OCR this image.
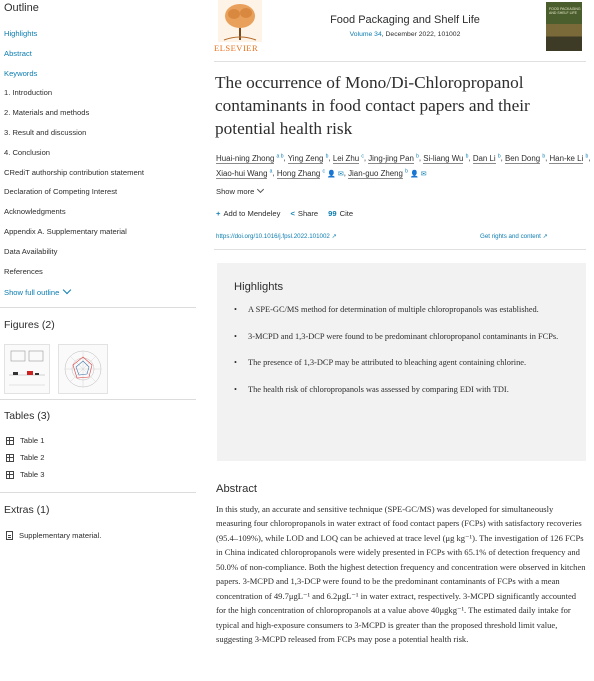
Outline
Highlights
Abstract
Keywords
1. Introduction
2. Materials and methods
3. Result and discussion
4. Conclusion
CRediT authorship contribution statement
Declaration of Competing Interest
Acknowledgments
Appendix A. Supplementary material
Data Availability
References
Show full outline
Figures (2)
Tables (3)
Table 1
Table 2
Table 3
Extras (1)
Supplementary material.
ELSEVIER
Food Packaging and Shelf Life
Volume 34, December 2022, 101002
FOOD PACKAGING AND SHELF LIFE
The occurrence of Mono/Di-Chloropropanol contaminants in food contact papers and their potential health risk
Huai-ning Zhong $^{a b}$, Ying Zeng $^b$, Lei Zhu $^c$, Jing-jing Pan $^b$, Si-liang Wu $^b$, Dan Li $^b$, Ben Dong $^b$, Han-ke Li $^b$, Xiao-hui Wang $^a$, Hong Zhang $^c$ 👤 ✉, Jian-guo Zheng $^b$ 👤 ✉
Show more
+ Add to Mendeley < Share 99 Cite
https://doi.org/10.1016/j.fpsl.2022.101002 ↗	Get rights and content ↗
Highlights
• A SPE-GC/MS method for determination of multiple chloropropanols was established.
• 3-MCPD and 1,3-DCP were found to be predominant chloropropanol contaminants in FCPs.
• The presence of 1,3-DCP may be attributed to bleaching agent containing chlorine.
• The health risk of chloropropanols was assessed by comparing EDI with TDI.
Abstract

In this study, an accurate and sensitive technique (SPE-GC/MS) was developed for simultaneously measuring four chloropropanols in water extract of food contact papers (FCPs) with satisfactory recoveries (95.4–109%), while LOD and LOQ can be achieved at trace level (μg kg⁻¹). The investigation of 126 FCPs in China indicated chloropropanols were widely presented in FCPs with 65.1% of detection frequency and 50.0% of non-compliance. Both the highest detection frequency and concentration were observed in kitchen papers. 3-MCPD and 1,3-DCP were found to be the predominant contaminants of FCPs with a mean concentration of 49.7μgL⁻¹ and 6.2μgL⁻¹ in water extract, respectively. 3-MCPD significantly accounted for the high concentration of chloropropanols at a value above 40μgkg⁻¹. The estimated daily intake for typical and high-exposure consumers to 3-MCPD is greater than the proposed threshold limit value, suggesting 3-MCPD released from FCPs may pose a potential health risk.
